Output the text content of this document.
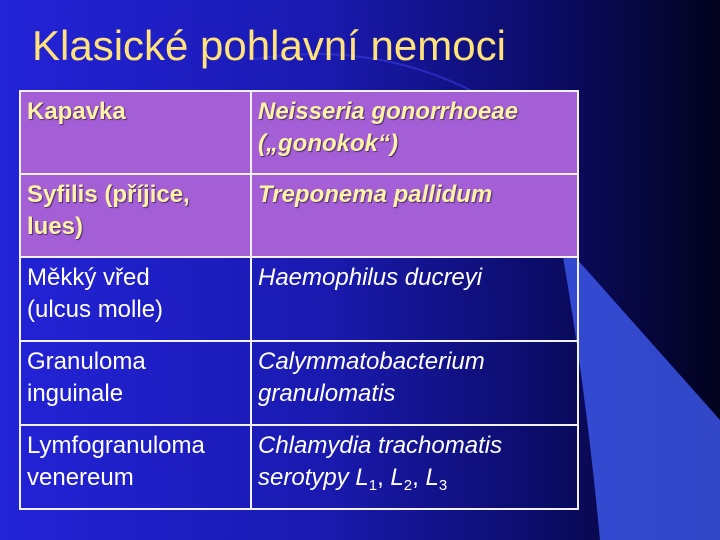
Klasické pohlavní nemoci
Kapavka	Neisseria gonorrhoeae
(„gonokok“)

Syfilis (příjice,
lues)	Treponema pallidum

Měkký vřed
(ulcus molle)	Haemophilus ducreyi

Granuloma
inguinale	Calymmatobacterium
granulomatis

Lymfogranuloma
venereum	Chlamydia trachomatis
serotypy $L_1$, $L_2$, $L_3$
